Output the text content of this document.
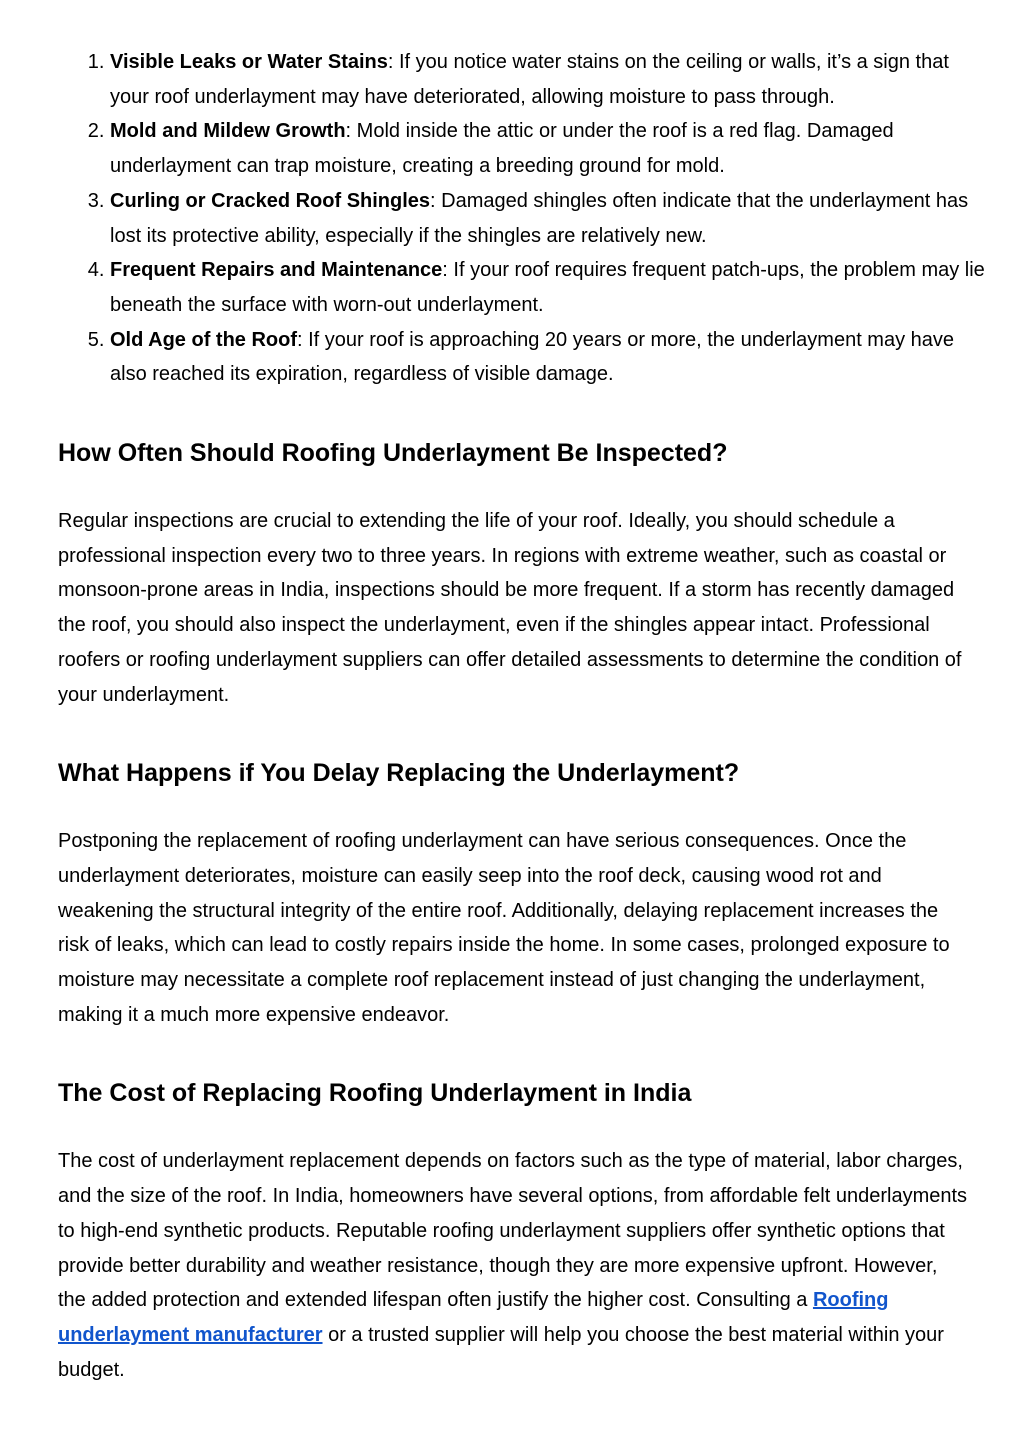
1. Visible Leaks or Water Stains: If you notice water stains on the ceiling or walls, it’s a sign that your roof underlayment may have deteriorated, allowing moisture to pass through.
2. Mold and Mildew Growth: Mold inside the attic or under the roof is a red flag. Damaged underlayment can trap moisture, creating a breeding ground for mold.
3. Curling or Cracked Roof Shingles: Damaged shingles often indicate that the underlayment has lost its protective ability, especially if the shingles are relatively new.
4. Frequent Repairs and Maintenance: If your roof requires frequent patch-ups, the problem may lie beneath the surface with worn-out underlayment.
5. Old Age of the Roof: If your roof is approaching 20 years or more, the underlayment may have also reached its expiration, regardless of visible damage.
How Often Should Roofing Underlayment Be Inspected?

Regular inspections are crucial to extending the life of your roof. Ideally, you should schedule a professional inspection every two to three years. In regions with extreme weather, such as coastal or monsoon-prone areas in India, inspections should be more frequent. If a storm has recently damaged the roof, you should also inspect the underlayment, even if the shingles appear intact. Professional roofers or roofing underlayment suppliers can offer detailed assessments to determine the condition of your underlayment.

What Happens if You Delay Replacing the Underlayment?

Postponing the replacement of roofing underlayment can have serious consequences. Once the underlayment deteriorates, moisture can easily seep into the roof deck, causing wood rot and weakening the structural integrity of the entire roof. Additionally, delaying replacement increases the risk of leaks, which can lead to costly repairs inside the home. In some cases, prolonged exposure to moisture may necessitate a complete roof replacement instead of just changing the underlayment, making it a much more expensive endeavor.

The Cost of Replacing Roofing Underlayment in India

The cost of underlayment replacement depends on factors such as the type of material, labor charges, and the size of the roof. In India, homeowners have several options, from affordable felt underlayments to high-end synthetic products. Reputable roofing underlayment suppliers offer synthetic options that provide better durability and weather resistance, though they are more expensive upfront. However, the added protection and extended lifespan often justify the higher cost. Consulting a Roofing underlayment manufacturer or a trusted supplier will help you choose the best material within your budget.
